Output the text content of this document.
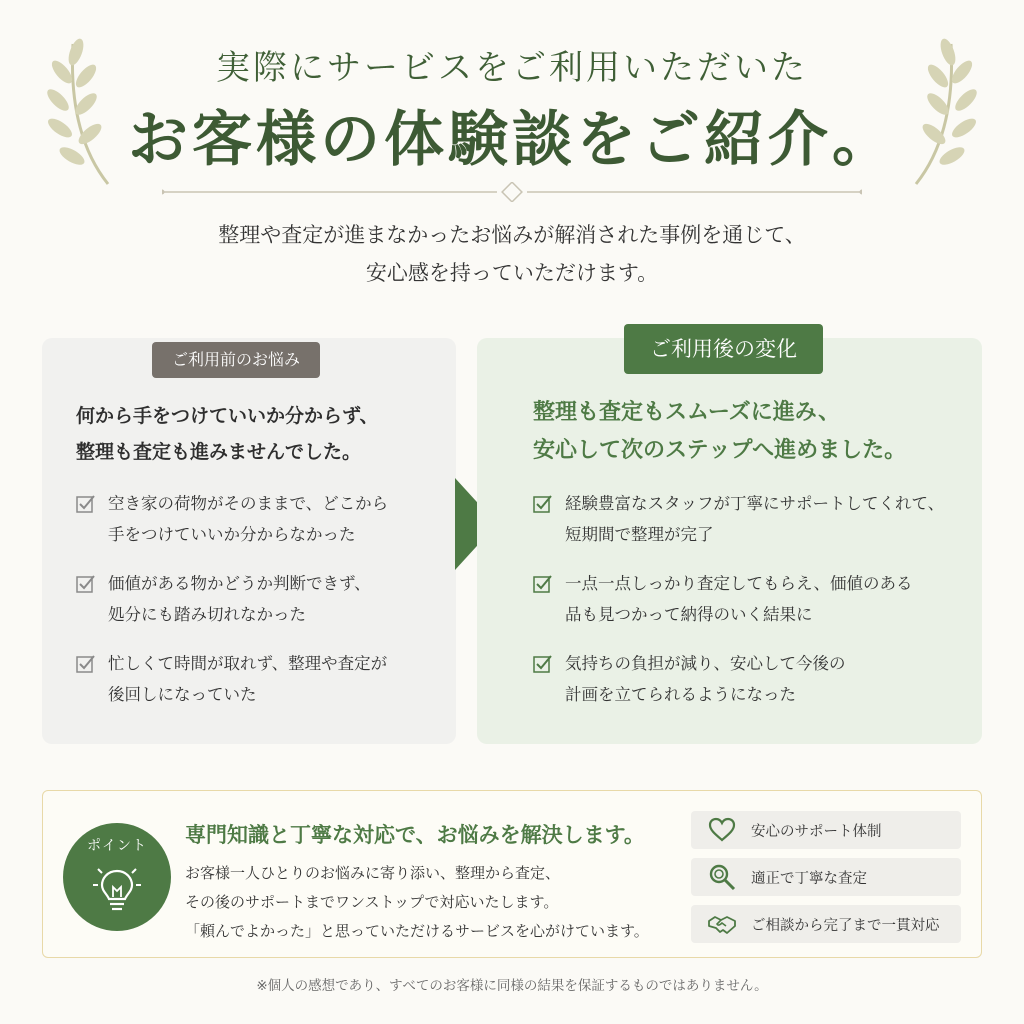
実際にサービスをご利用いただいた
お客様の体験談をご紹介。
整理や査定が進まなかったお悩みが解消された事例を通じて、
安心感を持っていただけます。
ご利用前のお悩み
何から手をつけていいか分からず、
整理も査定も進みませんでした。
空き家の荷物がそのままで、どこから
手をつけていいか分からなかった
価値がある物かどうか判断できず、
処分にも踏み切れなかった
忙しくて時間が取れず、整理や査定が
後回しになっていた
ご利用後の変化
整理も査定もスムーズに進み、
安心して次のステップへ進めました。
経験豊富なスタッフが丁寧にサポートしてくれて、
短期間で整理が完了
一点一点しっかり査定してもらえ、価値のある
品も見つかって納得のいく結果に
気持ちの負担が減り、安心して今後の
計画を立てられるようになった
ポイント	専門知識と丁寧な対応で、お悩みを解決します。
お客様一人ひとりのお悩みに寄り添い、整理から査定、
その後のサポートまでワンストップで対応いたします。
「頼んでよかった」と思っていただけるサービスを心がけています。
安心のサポート体制
適正で丁寧な査定
ご相談から完了まで一貫対応
※個人の感想であり、すべてのお客様に同様の結果を保証するものではありません。
